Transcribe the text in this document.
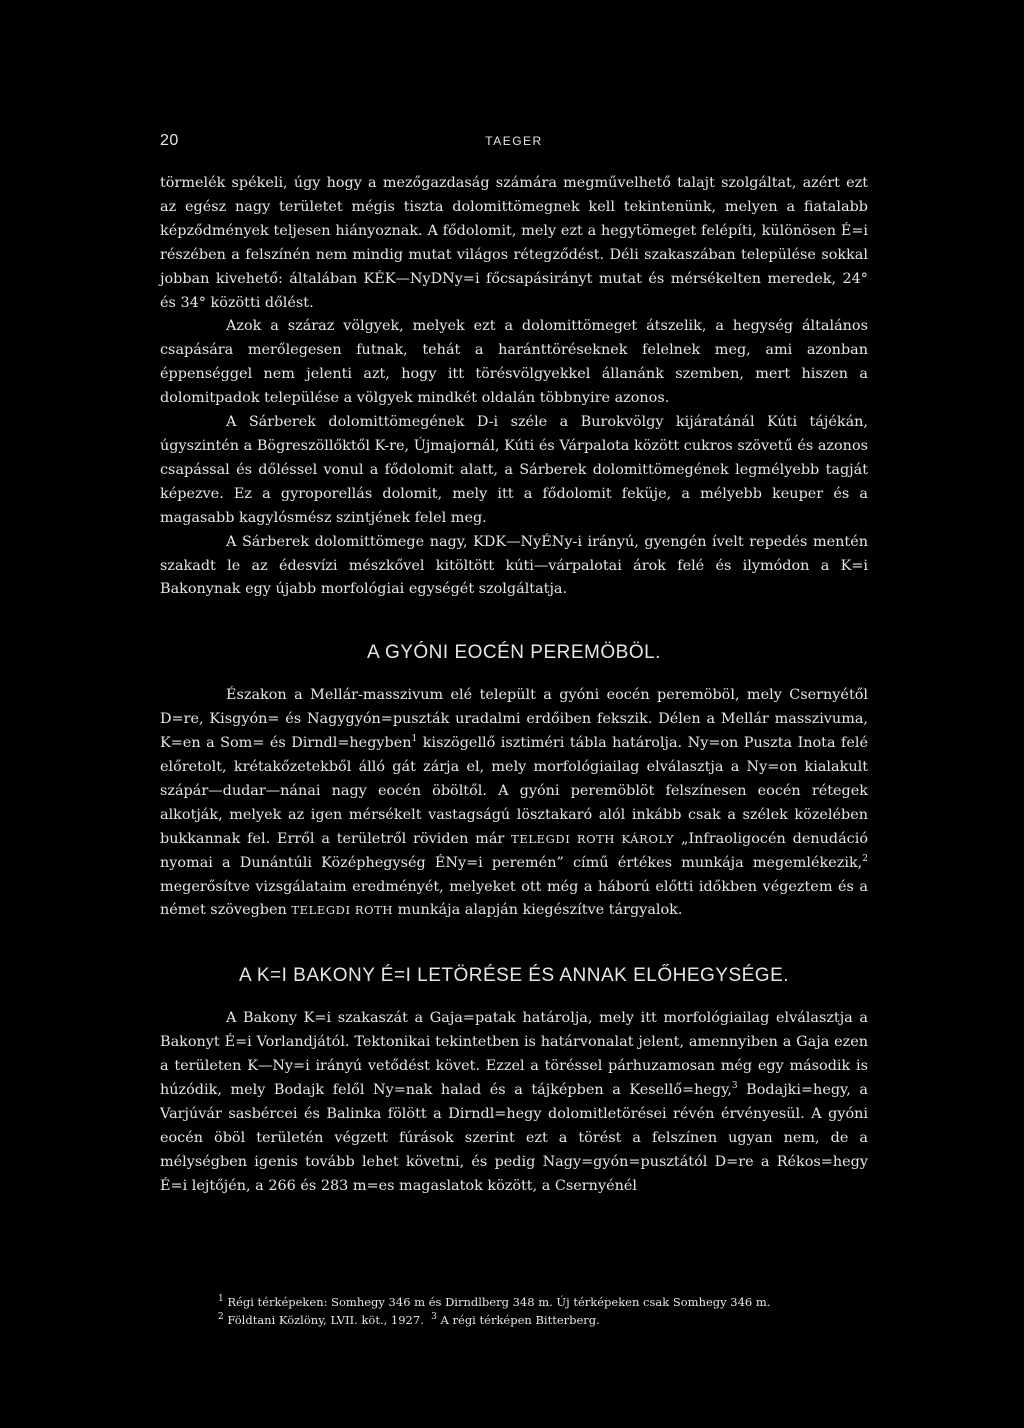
20	TAEGER

törmelék spékeli, úgy hogy a mezőgazdaság számára megművelhető talajt szolgáltat, azért ezt az egész nagy területet mégis tiszta dolomittömegnek kell tekintenünk, melyen a fiatalabb képződmények teljesen hiányoznak. A fődolomit, mely ezt a hegytömeget felépíti, különösen É=i részében a felszínén nem mindig mutat világos rétegződést. Déli szakaszában települése sokkal jobban kivehető: általában KÉK—NyDNy=i főcsapásirányt mutat és mérsékelten meredek, 24° és 34° közötti dőlést.

Azok a száraz völgyek, melyek ezt a dolomittömeget átszelik, a hegység általános csapására merőlegesen futnak, tehát a haránttöréseknek felelnek meg, ami azonban éppenséggel nem jelenti azt, hogy itt törésvölgyekkel állanánk szemben, mert hiszen a dolomitpadok települése a völgyek mindkét oldalán többnyire azonos.

A Sárberek dolomittömegének D-i széle a Burokvölgy kijáratánál Kúti tájékán, úgyszintén a Bögreszöllőktől K-re, Újmajornál, Kúti és Várpalota között cukros szövetű és azonos csapással és dőléssel vonul a fődolomit alatt, a Sárberek dolomittömegének legmélyebb tagját képezve. Ez a gyroporellás dolomit, mely itt a fődolomit feküje, a mélyebb keuper és a magasabb kagylósmész szintjének felel meg.

A Sárberek dolomittömege nagy, KDK—NyÉNy-i irányú, gyengén ívelt repedés mentén szakadt le az édesvízi mészkővel kitöltött kúti—várpalotai árok felé és ilymódon a K=i Bakonynak egy újabb morfológiai egységét szolgáltatja.

A GYÓNI EOCÉN PEREMÖBÖL.

Északon a Mellár-masszivum elé települt a gyóni eocén peremöböl, mely Csernyétől D=re, Kisgyón= és Nagygyón=puszták uradalmi erdőiben fekszik. Délen a Mellár masszivuma, K=en a Som= és Dirndl=hegyben$^1$ kiszögellő isztiméri tábla határolja. Ny=on Puszta Inota felé előretolt, krétakőzetekből álló gát zárja el, mely morfológiailag elválasztja a Ny=on kialakult szápár—dudar—nánai nagy eocén öböltől. A gyóni peremöblöt felszínesen eocén rétegek alkotják, melyek az igen mérsékelt vastagságú lösztakaró alól inkább csak a szélek közelében bukkannak fel. Erről a területről röviden már TELEGDI ROTH KÁROLY „Infraoligocén denudáció nyomai a Dunántúli Középhegység ÉNy=i peremén” című értékes munkája megemlékezik,$^2$ megerősítve vizsgálataim eredményét, melyeket ott még a háború előtti időkben végeztem és a német szövegben TELEGDI ROTH munkája alapján kiegészítve tárgyalok.

A K=I BAKONY É=I LETÖRÉSE ÉS ANNAK ELŐHEGYSÉGE.

A Bakony K=i szakaszát a Gaja=patak határolja, mely itt morfológiailag elválasztja a Bakonyt É=i Vorlandjától. Tektonikai tekintetben is határvonalat jelent, amennyiben a Gaja ezen a területen K—Ny=i irányú vetődést követ. Ezzel a töréssel párhuzamosan még egy második is húzódik, mely Bodajk felől Ny=nak halad és a tájképben a Kesellő=hegy,$^3$ Bodajki=hegy, a Varjúvár sasbércei és Balinka fölött a Dirndl=hegy dolomitletörései révén érvényesül. A gyóni eocén öböl területén végzett fúrások szerint ezt a törést a felszínen ugyan nem, de a mélységben igenis tovább lehet követni, és pedig Nagy=gyón=pusztától D=re a Rékos=hegy É=i lejtőjén, a 266 és 283 m=es magaslatok között, a Csernyénél

$^1$ Régi térképeken: Somhegy 346 m és Dirndlberg 348 m. Új térképeken csak Somhegy 346 m.

$^2$ Földtani Közlöny, LVII. köt., 1927. $^3$ A régi térképen Bitterberg.
